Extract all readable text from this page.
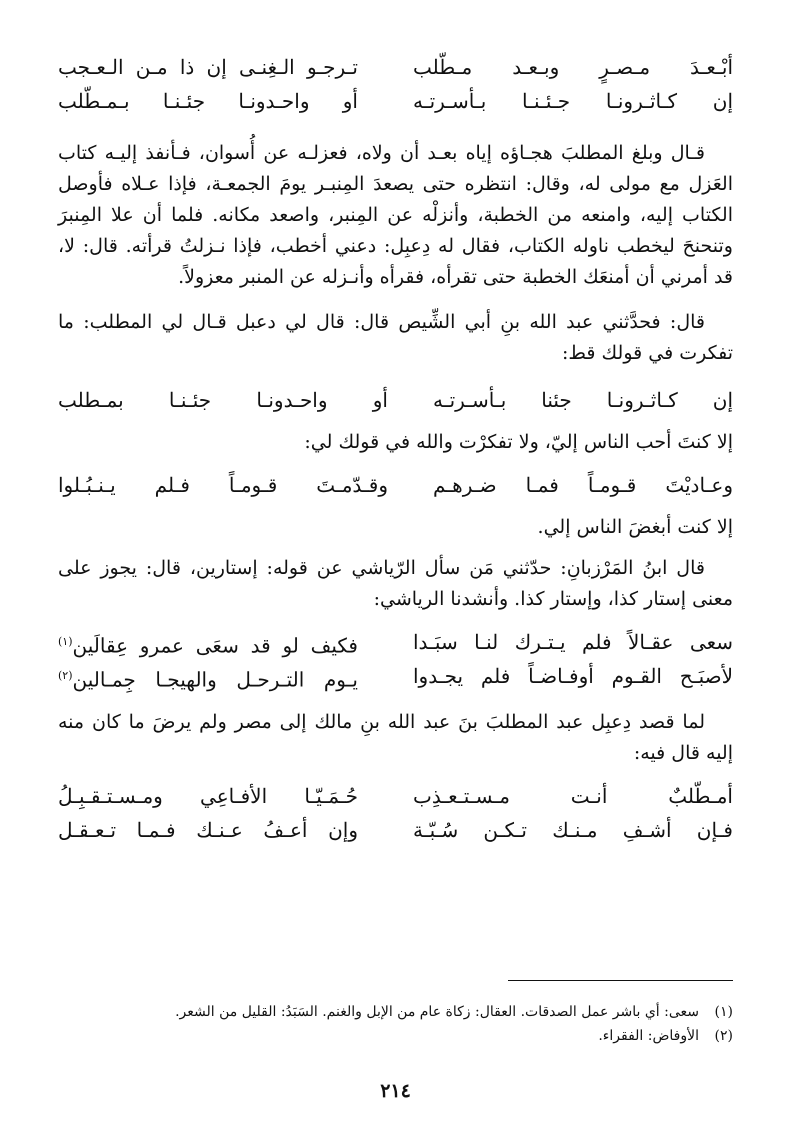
أبْـعـدَ مـصـرٍ وبـعـد مـطّلب
تـرجـو الـغِنـى إن ذا مـن الـعـجب
إن كـاثـرونـا جـئـنـا بـأسـرتـه
أو واحـدونـا جئـنـا بـمـطّلب

قـال وبلغ المطلبَ هجـاؤه إياه بعـد أن ولاه، فعزلـه عن أُسوان، فـأنفذ إليـه كتاب العَزل مع مولى له، وقال: انتظره حتى يصعدَ المِنبـر يومَ الجمعـة، فإذا عـلاه فأوصل الكتاب إليه، وامنعه من الخطبة، وأنزلْه عن المِنبر، واصعد مكانه. فلما أن علا المِنبرَ وتنحنحَ ليخطب ناوله الكتاب، فقال له دِعبِل: دعني أخطب، فإذا نـزلتُ قرأته. قال: لا، قد أمرني أن أمنعَك الخطبة حتى تقرأه، فقرأه وأنـزله عن المنبر معزولاً.

قال: فحدَّثني عبد الله بنِ أبي الشِّيص قال: قال لي دعبل قـال لي المطلب: ما تفكرت في قولك قط:

إن كـاثـرونـا جئنا بـأسـرتـه
أو واحـدونـا جئـنـا بمـطلب

إلا كنتَ أحب الناس إليّ، ولا تفكرْت والله في قولك لي:

وعـاديْتَ قـومـاً فمـا ضـرهـم
وقـدّمـتَ قـومـاً فـلم يـنـبُـلوا

إلا كنت أبغضَ الناس إلي.

قال ابنُ المَرْزبانِ: حدّثني مَن سأل الرّياشي عن قوله: إستارين، قال: يجوز على معنى إستار كذا، وإستار كذا. وأنشدنا الرياشي:

سعى عقـالاً فلم يـتـرك لنـا سبَـدا
فكيف لو قد سعَى عمرو عِقالَين$^{(١)}$
لأصبَـح القـوم أوفـاضـاً فلم يجـدوا
يـوم التـرحـل والهيجـا جِمـالين$^{(٢)}$

لما قصد دِعبِل عبد المطلبَ بنَ عبد الله بنِ مالك إلى مصر ولم يرضَ ما كان منه إليه قال فيه:

أمـطّلبٌ أنـت مـسـتـعـذِب
حُـمَـيّـا الأفـاعِي ومـسـتـقـبِـلُ
فـإن أشـفِ مـنـك تـكـن سُـبّـة
وإن أعـفُ عـنـك فـمـا تـعـقـل
(١)
سعى: أي باشر عمل الصدقات. العقال: زكاة عام من الإبل والغنم. السَبَدُ: القليل من الشعر.
(٢)
الأوفاض: الفقراء.
٢١٤
